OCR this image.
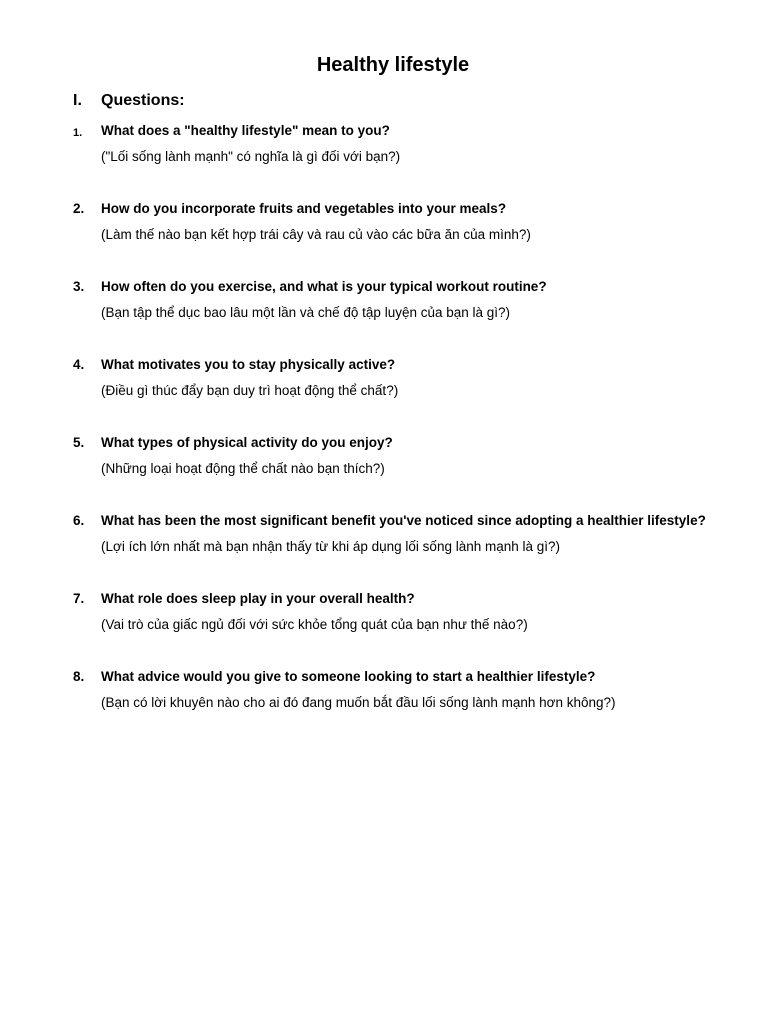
Healthy lifestyle
I. Questions:
1. What does a "healthy lifestyle" mean to you?
("Lối sống lành mạnh" có nghĩa là gì đối với bạn?)
2. How do you incorporate fruits and vegetables into your meals?
(Làm thế nào bạn kết hợp trái cây và rau củ vào các bữa ăn của mình?)
3. How often do you exercise, and what is your typical workout routine?
(Bạn tập thể dục bao lâu một lần và chế độ tập luyện của bạn là gì?)
4. What motivates you to stay physically active?
(Điều gì thúc đẩy bạn duy trì hoạt động thể chất?)
5. What types of physical activity do you enjoy?
(Những loại hoạt động thể chất nào bạn thích?)
6. What has been the most significant benefit you've noticed since adopting a healthier lifestyle?
(Lợi ích lớn nhất mà bạn nhận thấy từ khi áp dụng lối sống lành mạnh là gì?)
7. What role does sleep play in your overall health?
(Vai trò của giấc ngủ đối với sức khỏe tổng quát của bạn như thế nào?)
8. What advice would you give to someone looking to start a healthier lifestyle?
(Bạn có lời khuyên nào cho ai đó đang muốn bắt đầu lối sống lành mạnh hơn không?)
